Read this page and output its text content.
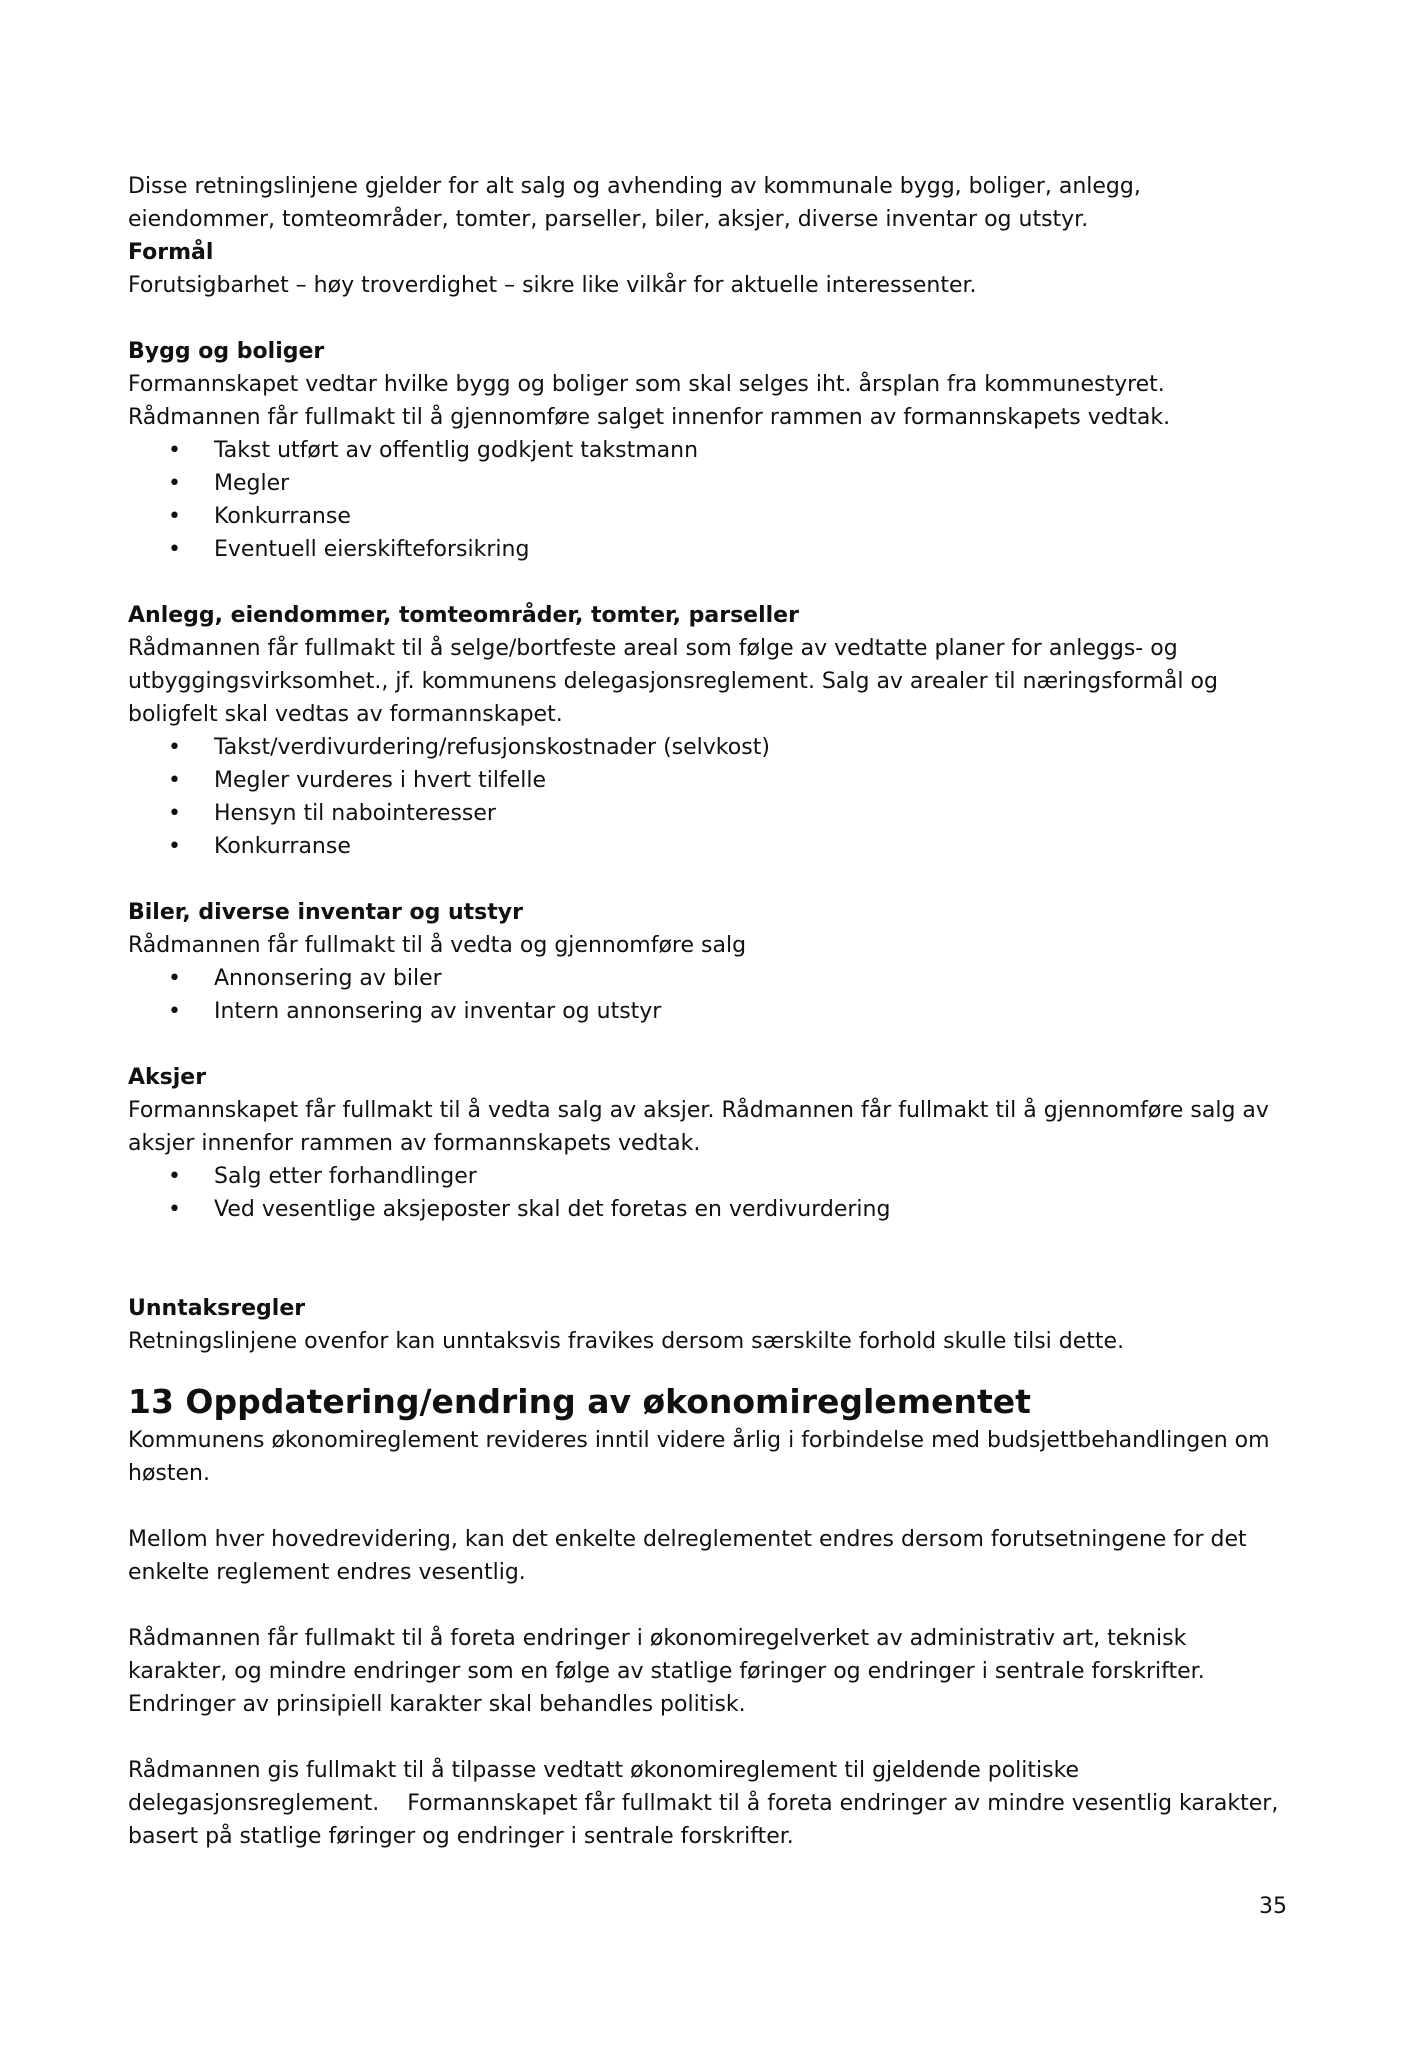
Disse retningslinjene gjelder for alt salg og avhending av kommunale bygg, boliger, anlegg, eiendommer, tomteområder, tomter, parseller, biler, aksjer, diverse inventar og utstyr.

Formål

Forutsigbarhet – høy troverdighet – sikre like vilkår for aktuelle interessenter.

Bygg og boliger

Formannskapet vedtar hvilke bygg og boliger som skal selges iht. årsplan fra kommunestyret.

Rådmannen får fullmakt til å gjennomføre salget innenfor rammen av formannskapets vedtak.

• Takst utført av offentlig godkjent takstmann
• Megler
• Konkurranse
• Eventuell eierskifteforsikring

Anlegg, eiendommer, tomteområder, tomter, parseller

Rådmannen får fullmakt til å selge/bortfeste areal som følge av vedtatte planer for anleggs- og utbyggingsvirksomhet., jf. kommunens delegasjonsreglement. Salg av arealer til næringsformål og boligfelt skal vedtas av formannskapet.

• Takst/verdivurdering/refusjonskostnader (selvkost)
• Megler vurderes i hvert tilfelle
• Hensyn til nabointeresser
• Konkurranse

Biler, diverse inventar og utstyr

Rådmannen får fullmakt til å vedta og gjennomføre salg

• Annonsering av biler
• Intern annonsering av inventar og utstyr

Aksjer

Formannskapet får fullmakt til å vedta salg av aksjer. Rådmannen får fullmakt til å gjennomføre salg av aksjer innenfor rammen av formannskapets vedtak.

• Salg etter forhandlinger
• Ved vesentlige aksjeposter skal det foretas en verdivurdering

Unntaksregler

Retningslinjene ovenfor kan unntaksvis fravikes dersom særskilte forhold skulle tilsi dette.

13 Oppdatering/endring av økonomireglementet

Kommunens økonomireglement revideres inntil videre årlig i forbindelse med budsjettbehandlingen om høsten.

Mellom hver hovedrevidering, kan det enkelte delreglementet endres dersom forutsetningene for det enkelte reglement endres vesentlig.

Rådmannen får fullmakt til å foreta endringer i økonomiregelverket av administrativ art, teknisk karakter, og mindre endringer som en følge av statlige føringer og endringer i sentrale forskrifter. Endringer av prinsipiell karakter skal behandles politisk.

Rådmannen gis fullmakt til å tilpasse vedtatt økonomireglement til gjeldende politiske delegasjonsreglement.    Formannskapet får fullmakt til å foreta endringer av mindre vesentlig karakter, basert på statlige føringer og endringer i sentrale forskrifter.

35
